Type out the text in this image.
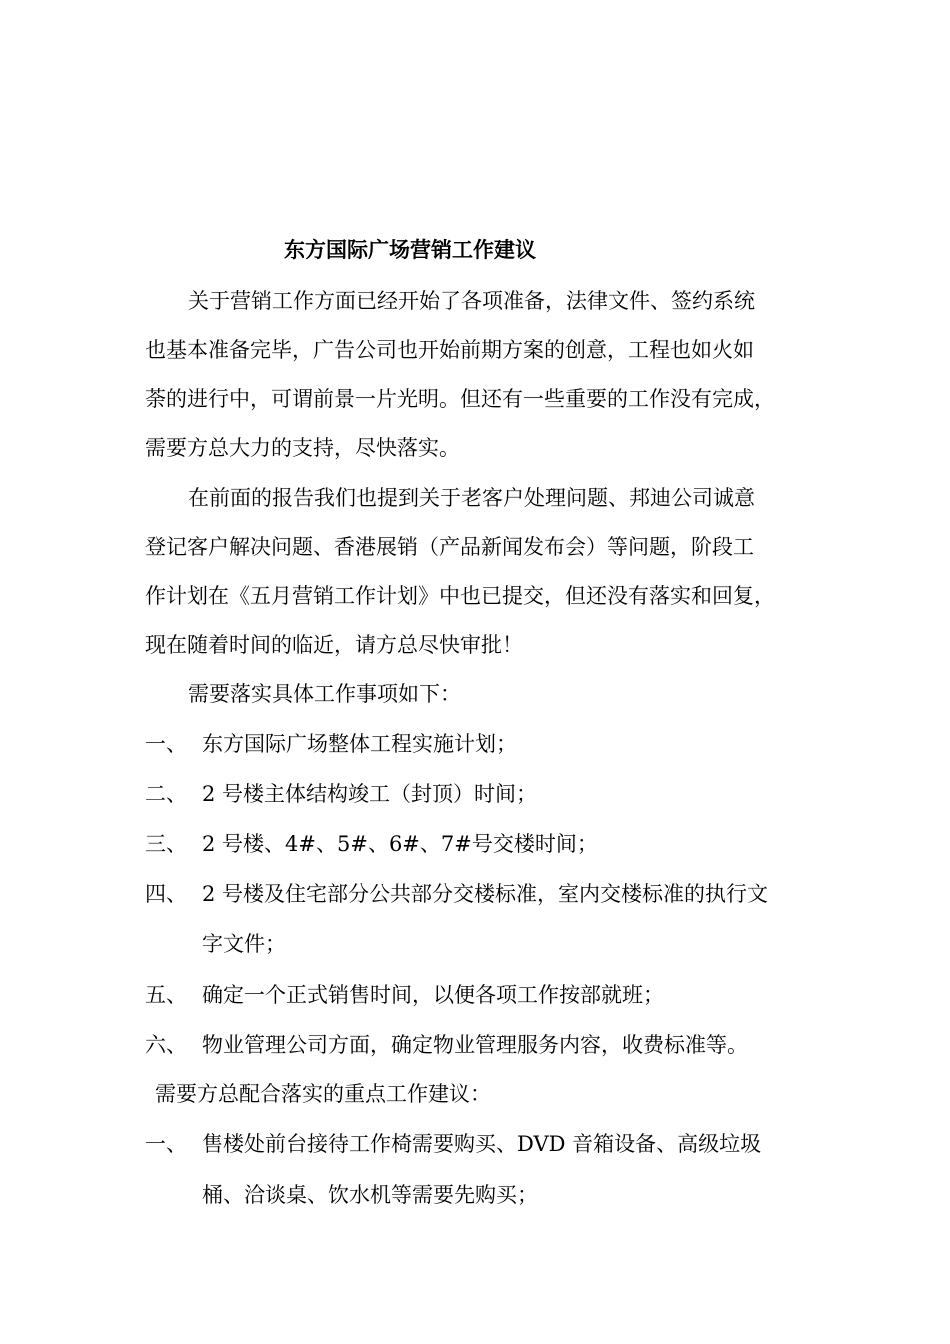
东方国际广场营销工作建议
关于营销工作方面已经开始了各项准备，法律文件、签约系统
也基本准备完毕，广告公司也开始前期方案的创意，工程也如火如
荼的进行中，可谓前景一片光明。但还有一些重要的工作没有完成，
需要方总大力的支持，尽快落实。
在前面的报告我们也提到关于老客户处理问题、邦迪公司诚意
登记客户解决问题、香港展销（产品新闻发布会）等问题，阶段工
作计划在《五月营销工作计划》中也已提交，但还没有落实和回复，
现在随着时间的临近，请方总尽快审批！
需要落实具体工作事项如下：
一、 东方国际广场整体工程实施计划；
二、 2 号楼主体结构竣工（封顶）时间；
三、 2 号楼、4#、5#、6#、7#号交楼时间；
四、 2 号楼及住宅部分公共部分交楼标准，室内交楼标准的执行文
字文件；
五、 确定一个正式销售时间，以便各项工作按部就班；
六、 物业管理公司方面，确定物业管理服务内容，收费标准等。
需要方总配合落实的重点工作建议：
一、 售楼处前台接待工作椅需要购买、DVD 音箱设备、高级垃圾
桶、洽谈桌、饮水机等需要先购买；
